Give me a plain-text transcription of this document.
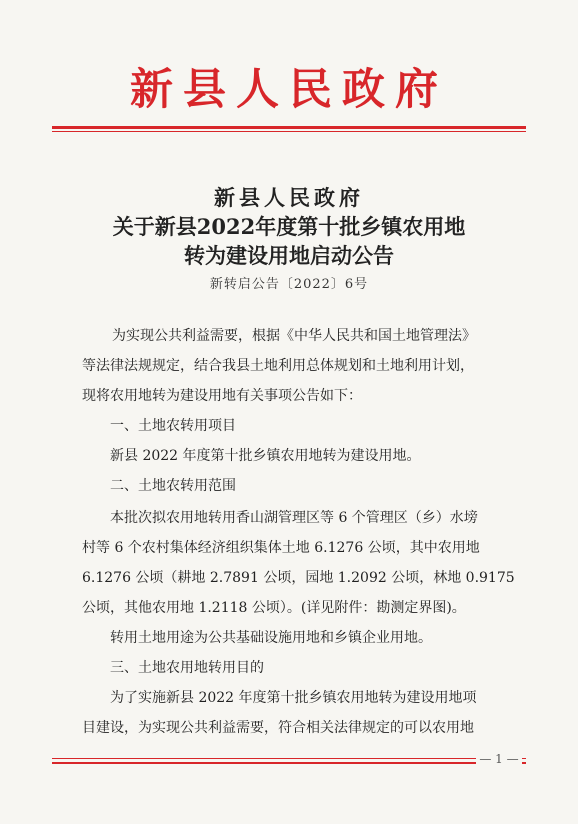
新县人民政府
新县人民政府
关于新县2022年度第十批乡镇农用地
转为建设用地启动公告
新转启公告〔2022〕6号
为实现公共利益需要，根据《中华人民共和国土地管理法》
等法律法规规定，结合我县土地利用总体规划和土地利用计划，
现将农用地转为建设用地有关事项公告如下：
一、土地农转用项目
新县 2022 年度第十批乡镇农用地转为建设用地。
二、土地农转用范围
本批次拟农用地转用香山湖管理区等 6 个管理区（乡）水塝
村等 6 个农村集体经济组织集体土地 6.1276 公顷，其中农用地
6.1276 公顷（耕地 2.7891 公顷，园地 1.2092 公顷，林地 0.9175
公顷，其他农用地 1.2118 公顷）。(详见附件：勘测定界图)。
转用土地用途为公共基础设施用地和乡镇企业用地。
三、土地农用地转用目的
为了实施新县 2022 年度第十批乡镇农用地转为建设用地项
目建设，为实现公共利益需要，符合相关法律规定的可以农用地
— 1 —
